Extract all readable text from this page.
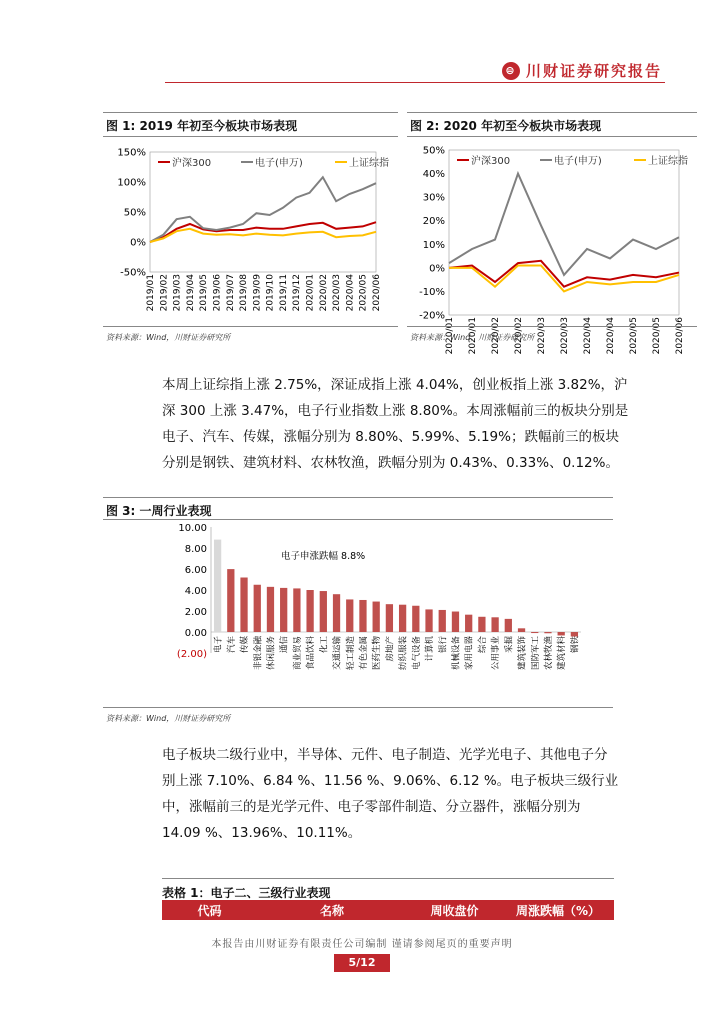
⊜ 川财证券研究报告
图 1: 2019 年初至今板块市场表现
150%
100%
50%
0%
-50%
2019/01 2019/02 2019/03 2019/04 2019/05 2019/06 2019/07 2019/08 2019/09 2019/10 2019/11 2019/12 2020/01 2020/02 2020/03 2020/04 2020/05 2020/06
沪深300	电子(申万)	上证综指
资料来源：Wind，川财证券研究所
图 2: 2020 年初至今板块市场表现
50%
40%
30%
20%
10%
0%
-10%
-20%
2020/01 2020/01 2020/02 2020/02 2020/03 2020/03 2020/04 2020/04 2020/05 2020/05 2020/06
沪深300	电子(申万)	上证综指
资料来源：Wind，川财证券研究所
本周上证综指上涨 2.75%，深证成指上涨 4.04%，创业板指上涨 3.82%，沪
深 300 上涨 3.47%，电子行业指数上涨 8.80%。本周涨幅前三的板块分别是
电子、汽车、传媒，涨幅分别为 8.80%、5.99%、5.19%；跌幅前三的板块
分别是钢铁、建筑材料、农林牧渔，跌幅分别为 0.43%、0.33%、0.12%。
图 3: 一周行业表现
10.00
8.00
6.00
4.00
2.00
0.00
(2.00)
电子 汽车 传媒 非银金融 休闲服务 通信 商业贸易 食品饮料 化工 交通运输 轻工制造 有色金属 医药生物 房地产 纺织服装 电气设备 计算机 银行 机械设备 家用电器 综合 公用事业 采掘 建筑装饰 国防军工 农林牧渔 建筑材料 钢铁
电子申涨跌幅 8.8%
资料来源：Wind，川财证券研究所
电子板块二级行业中，半导体、元件、电子制造、光学光电子、其他电子分
别上涨 7.10%、6.84 %、11.56 %、9.06%、6.12 %。电子板块三级行业
中，涨幅前三的是光学元件、电子零部件制造、分立器件，涨幅分别为
14.09 %、13.96%、10.11%。
表格 1：电子二、三级行业表现
代码	名称	周收盘价	周涨跌幅（%）
本报告由川财证券有限责任公司编制 谨请参阅尾页的重要声明
5/12
